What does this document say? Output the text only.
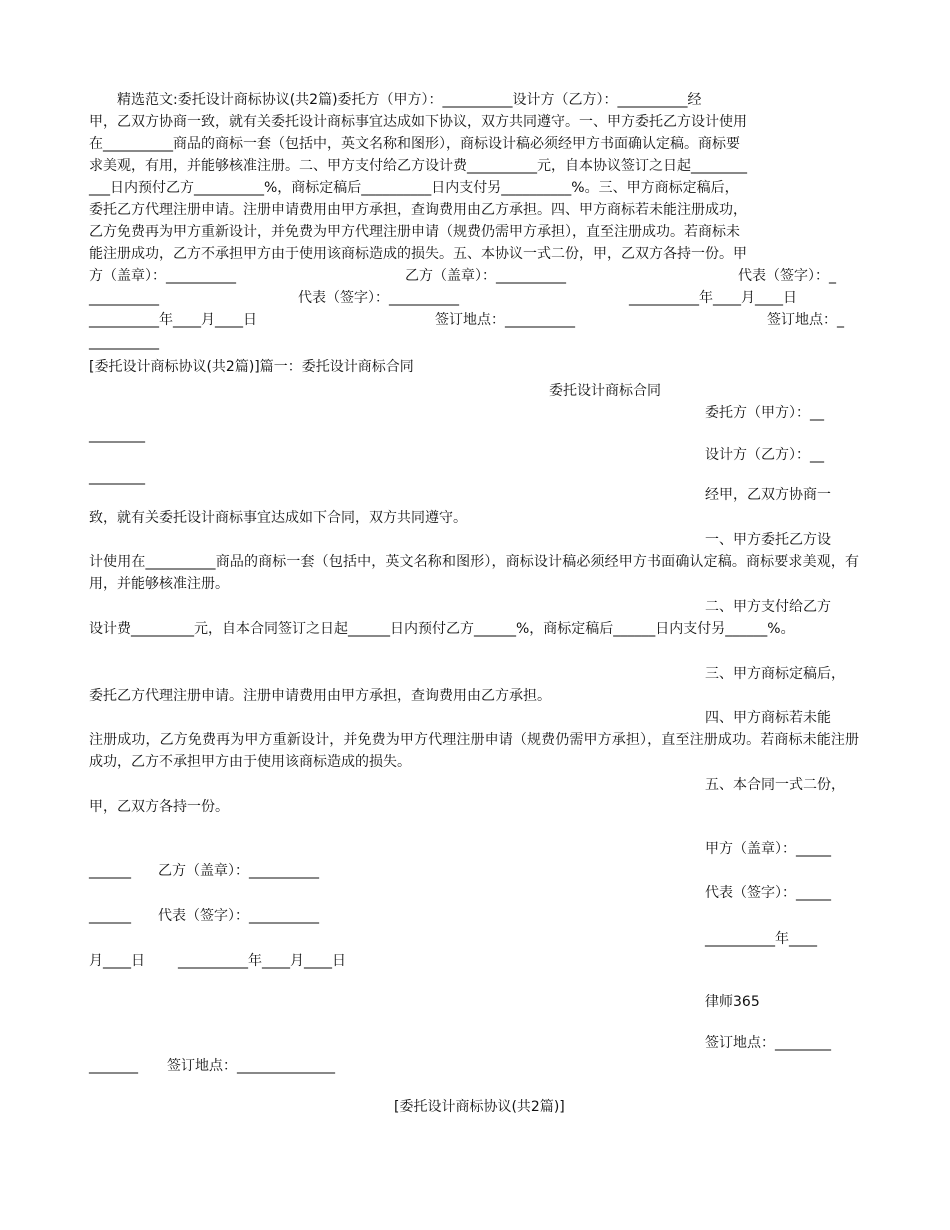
　　精选范文:委托设计商标协议(共2篇)委托方（甲方）：__________设计方（乙方）：__________经
甲，乙双方协商一致，就有关委托设计商标事宜达成如下协议，双方共同遵守。一、甲方委托乙方设计使用
在__________商品的商标一套（包括中，英文名称和图形），商标设计稿必须经甲方书面确认定稿。商标要
求美观，有用，并能够核准注册。二、甲方支付给乙方设计费__________元，自本协议签订之日起________
___日内预付乙方__________%，商标定稿后__________日内支付另__________%。三、甲方商标定稿后，
委托乙方代理注册申请。注册申请费用由甲方承担，查询费用由乙方承担。四、甲方商标若未能注册成功，
乙方免费再为甲方重新设计，并免费为甲方代理注册申请（规费仍需甲方承担），直至注册成功。若商标未
能注册成功，乙方不承担甲方由于使用该商标造成的损失。五、本协议一式二份，甲，乙双方各持一份。甲
方（盖章）：__________	乙方（盖章）：__________	代表（签字）：_
__________	代表（签字）：__________	__________年____月____日
__________年____月____日	签订地点：__________	签订地点：_
__________
[委托设计商标协议(共2篇)]篇一：委托设计商标合同
委托设计商标合同
委托方（甲方）：__
________
设计方（乙方）：__
________
经甲，乙双方协商一
致，就有关委托设计商标事宜达成如下合同，双方共同遵守。
一、甲方委托乙方设
计使用在__________商品的商标一套（包括中，英文名称和图形），商标设计稿必须经甲方书面确认定稿。商标要求美观，有用，并能够核准注册。
二、甲方支付给乙方
设计费_________元，自本合同签订之日起______日内预付乙方______%，商标定稿后______日内支付另______%。
三、甲方商标定稿后，
委托乙方代理注册申请。注册申请费用由甲方承担，查询费用由乙方承担。
四、甲方商标若未能
注册成功，乙方免费再为甲方重新设计，并免费为甲方代理注册申请（规费仍需甲方承担），直至注册成功。若商标未能注册成功，乙方不承担甲方由于使用该商标造成的损失。
五、本合同一式二份，
甲，乙双方各持一份。
甲方（盖章）：_____
______ 乙方（盖章）：__________
代表（签字）：_____
______ 代表（签字）：__________
__________年____
月____日 __________年____月____日
律师365
签订地点：________
_______ 签订地点：______________
[委托设计商标协议(共2篇)]
